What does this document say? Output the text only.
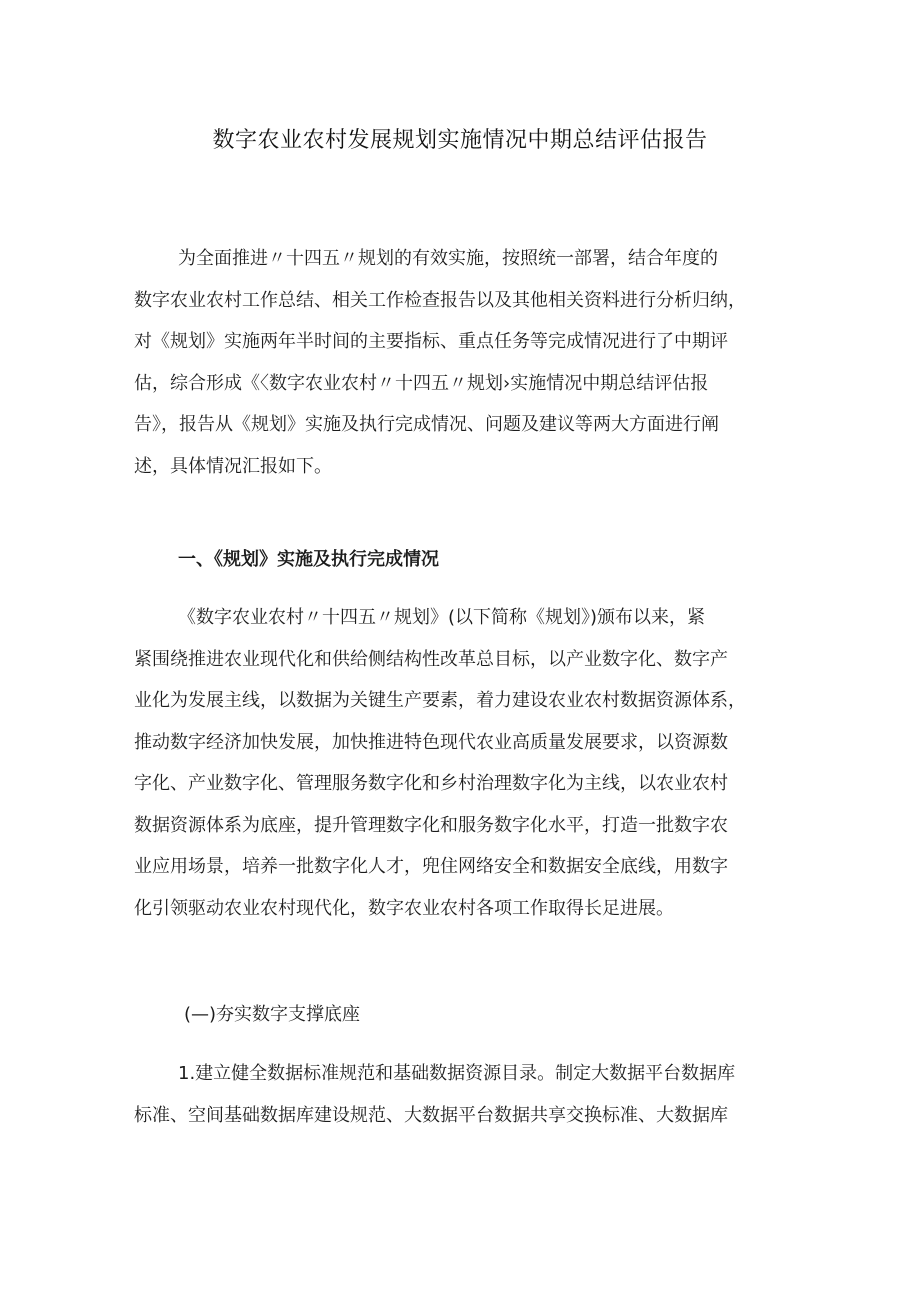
数字农业农村发展规划实施情况中期总结评估报告
为全面推进〃十四五〃规划的有效实施，按照统一部署，结合年度的
数字农业农村工作总结、相关工作检查报告以及其他相关资料进行分析归纳，
对《规划》实施两年半时间的主要指标、重点任务等完成情况进行了中期评
估，综合形成《〈数字农业农村〃十四五〃规划›实施情况中期总结评估报
告》，报告从《规划》实施及执行完成情况、问题及建议等两大方面进行阐
述，具体情况汇报如下。
一、《规划》实施及执行完成情况
《数字农业农村〃十四五〃规划》(以下简称《规划》)颁布以来，紧
紧围绕推进农业现代化和供给侧结构性改革总目标，以产业数字化、数字产
业化为发展主线，以数据为关键生产要素，着力建设农业农村数据资源体系，
推动数字经济加快发展，加快推进特色现代农业高质量发展要求，以资源数
字化、产业数字化、管理服务数字化和乡村治理数字化为主线，以农业农村
数据资源体系为底座，提升管理数字化和服务数字化水平，打造一批数字农
业应用场景，培养一批数字化人才，兜住网络安全和数据安全底线，用数字
化引领驱动农业农村现代化，数字农业农村各项工作取得长足进展。
(—)夯实数字支撑底座
1.建立健全数据标准规范和基础数据资源目录。制定大数据平台数据库
标准、空间基础数据库建设规范、大数据平台数据共享交换标准、大数据库
